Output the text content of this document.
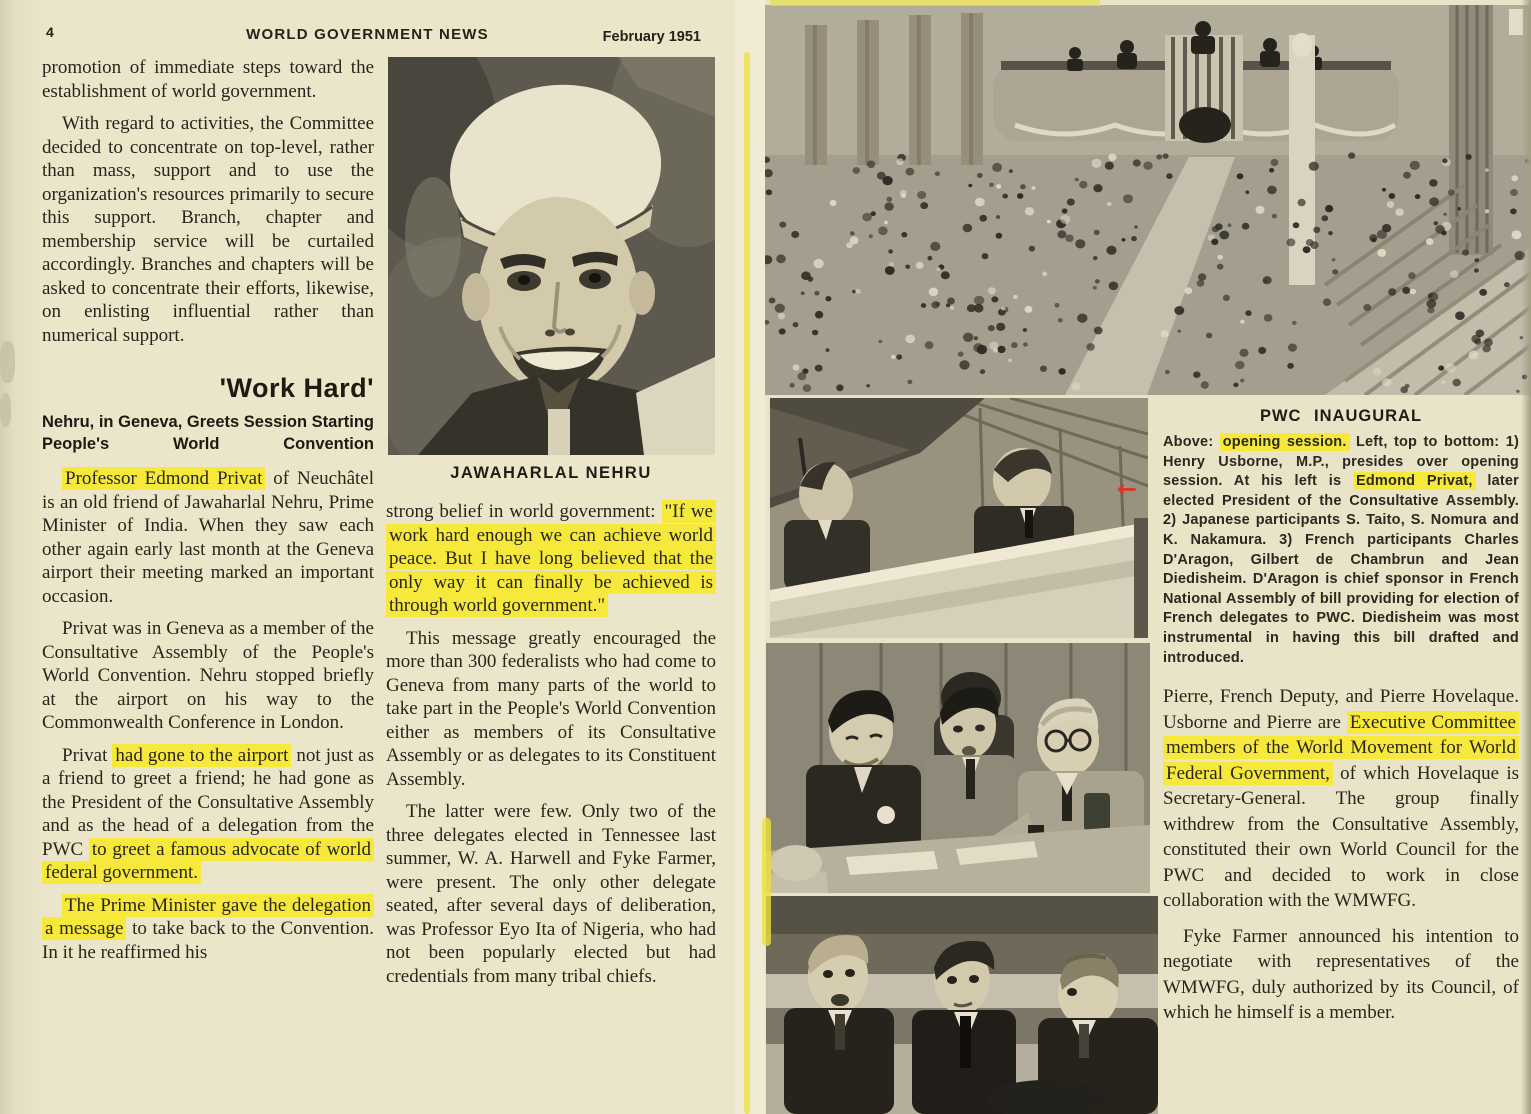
4	WORLD GOVERNMENT NEWS	February 1951

promotion of immediate steps toward the establishment of world government.

With regard to activities, the Committee decided to concentrate on top-level, rather than mass, support and to use the organization's resources primarily to secure this support. Branch, chapter and membership service will be curtailed accordingly. Branches and chapters will be asked to concentrate their efforts, likewise, on enlisting influential rather than numerical support.

'Work Hard'
Nehru, in Geneva, Greets Session Starting People's World Convention

Professor Edmond Privat of Neuchâtel is an old friend of Jawaharlal Nehru, Prime Minister of India. When they saw each other again early last month at the Geneva airport their meeting marked an important occasion.

Privat was in Geneva as a member of the Consultative Assembly of the People's World Convention. Nehru stopped briefly at the airport on his way to the Commonwealth Conference in London.

Privat had gone to the airport not just as a friend to greet a friend; he had gone as the President of the Consultative Assembly and as the head of a delegation from the PWC to greet a famous advocate of world federal government.

The Prime Minister gave the delegation a message to take back to the Convention. In it he reaffirmed his

JAWAHARLAL NEHRU

strong belief in world government: "If we work hard enough we can achieve world peace. But I have long believed that the only way it can finally be achieved is through world government."

This message greatly encouraged the more than 300 federalists who had come to Geneva from many parts of the world to take part in the People's World Convention either as members of its Consultative Assembly or as delegates to its Constituent Assembly.

The latter were few. Only two of the three delegates elected in Tennessee last summer, W. A. Harwell and Fyke Farmer, were present. The only other delegate seated, after several days of deliberation, was Professor Eyo Ita of Nigeria, who had not been popularly elected but had credentials from many tribal chiefs.

PWC INAUGURAL

Above: opening session. Left, top to bottom: 1) Henry Usborne, M.P., presides over opening session. At his left is Edmond Privat, later elected President of the Consultative Assembly. 2) Japanese participants S. Taito, S. Nomura and K. Nakamura. 3) French participants Charles D'Aragon, Gilbert de Chambrun and Jean Diedisheim. D'Aragon is chief sponsor in French National Assembly of bill providing for election of French delegates to PWC. Diedisheim was most instrumental in having this bill drafted and introduced.

Pierre, French Deputy, and Pierre Hovelaque. Usborne and Pierre are Executive Committee members of the World Movement for World Federal Government, of which Hovelaque is Secretary-General. The group finally withdrew from the Consultative Assembly, constituted their own World Council for the PWC and decided to work in close collaboration with the WMWFG.

Fyke Farmer announced his intention to negotiate with representatives of the WMWFG, duly authorized by its Council, of which he himself is a member.

←
